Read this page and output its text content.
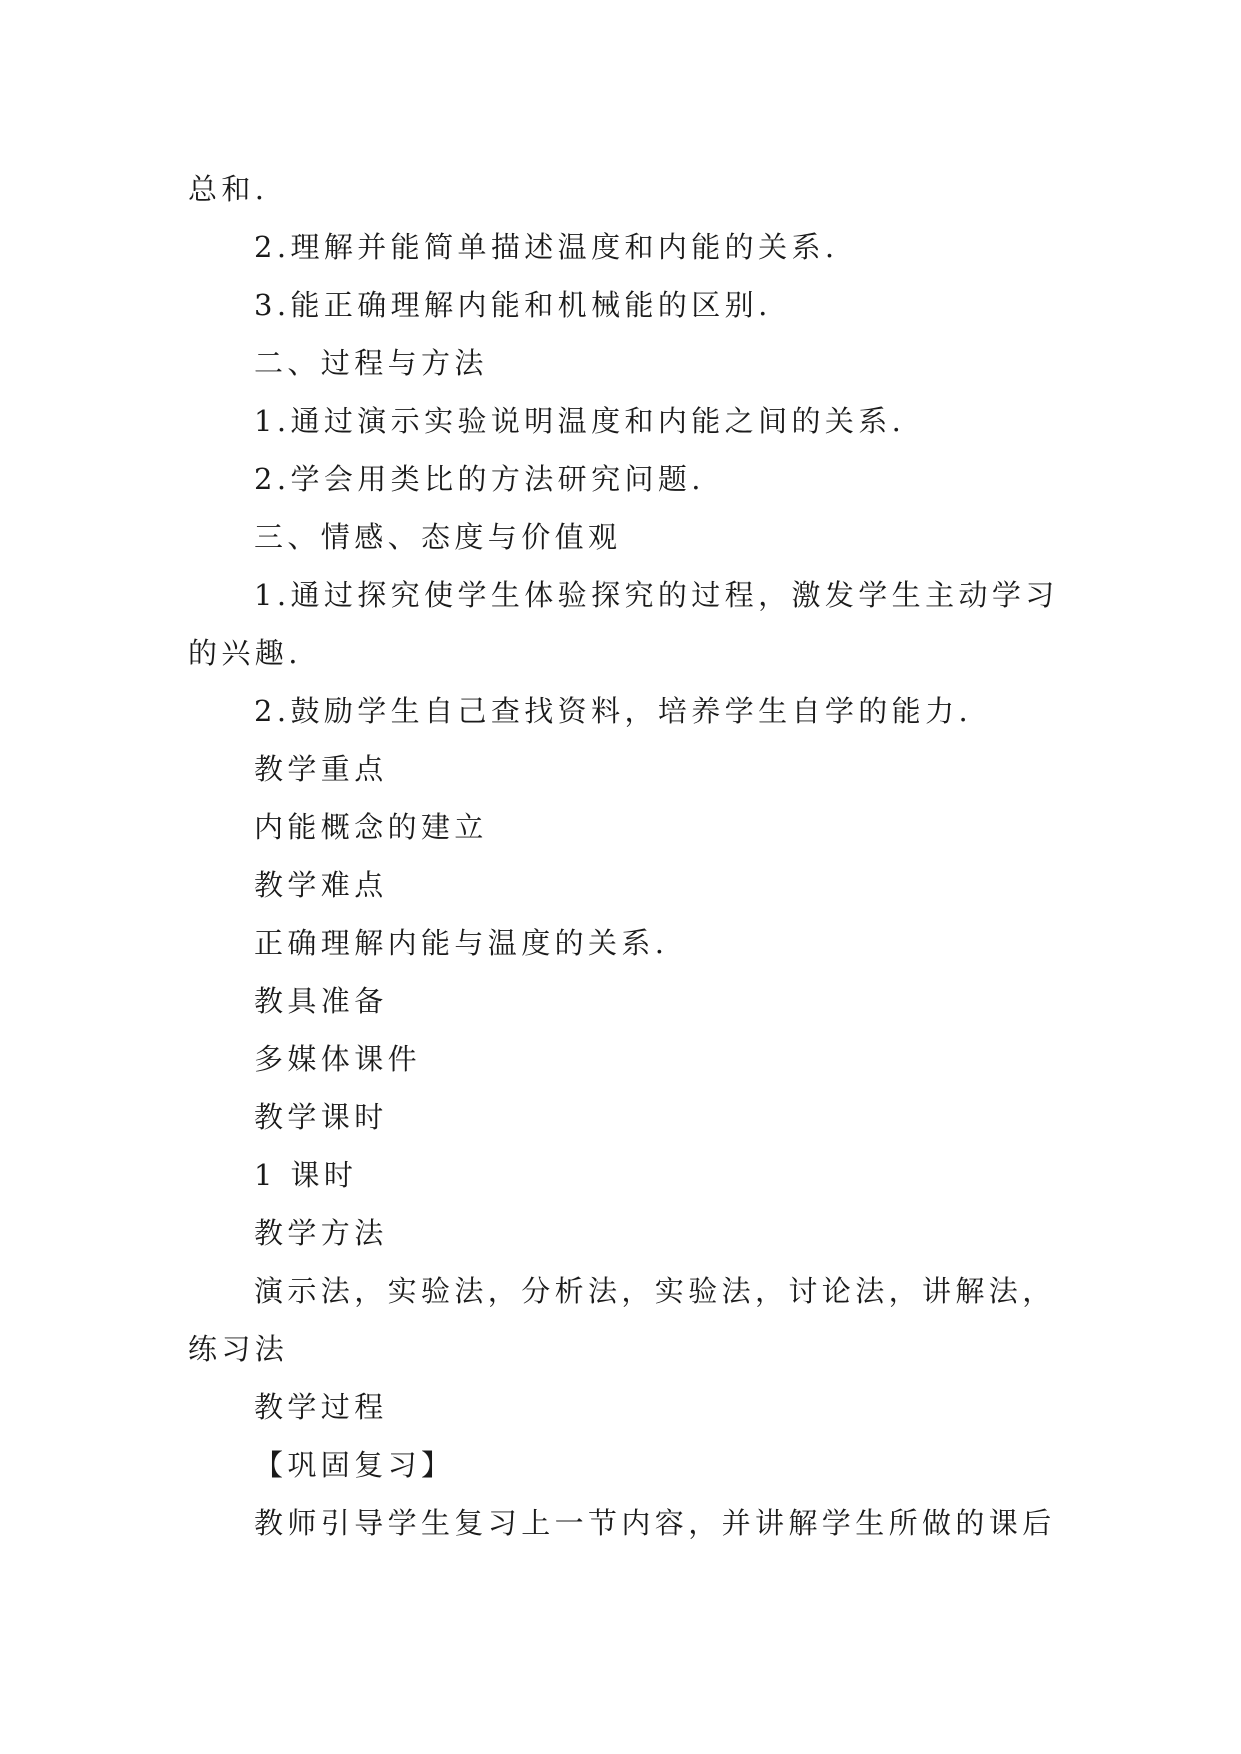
总和.
2.理解并能简单描述温度和内能的关系.
3.能正确理解内能和机械能的区别.
二、过程与方法
1.通过演示实验说明温度和内能之间的关系.
2.学会用类比的方法研究问题.
三、情感、态度与价值观
1.通过探究使学生体验探究的过程，激发学生主动学习
的兴趣.
2.鼓励学生自己查找资料，培养学生自学的能力.
教学重点
内能概念的建立
教学难点
正确理解内能与温度的关系.
教具准备
多媒体课件
教学课时
1 课时
教学方法
演示法，实验法，分析法，实验法，讨论法，讲解法，
练习法
教学过程
【巩固复习】
教师引导学生复习上一节内容，并讲解学生所做的课后
